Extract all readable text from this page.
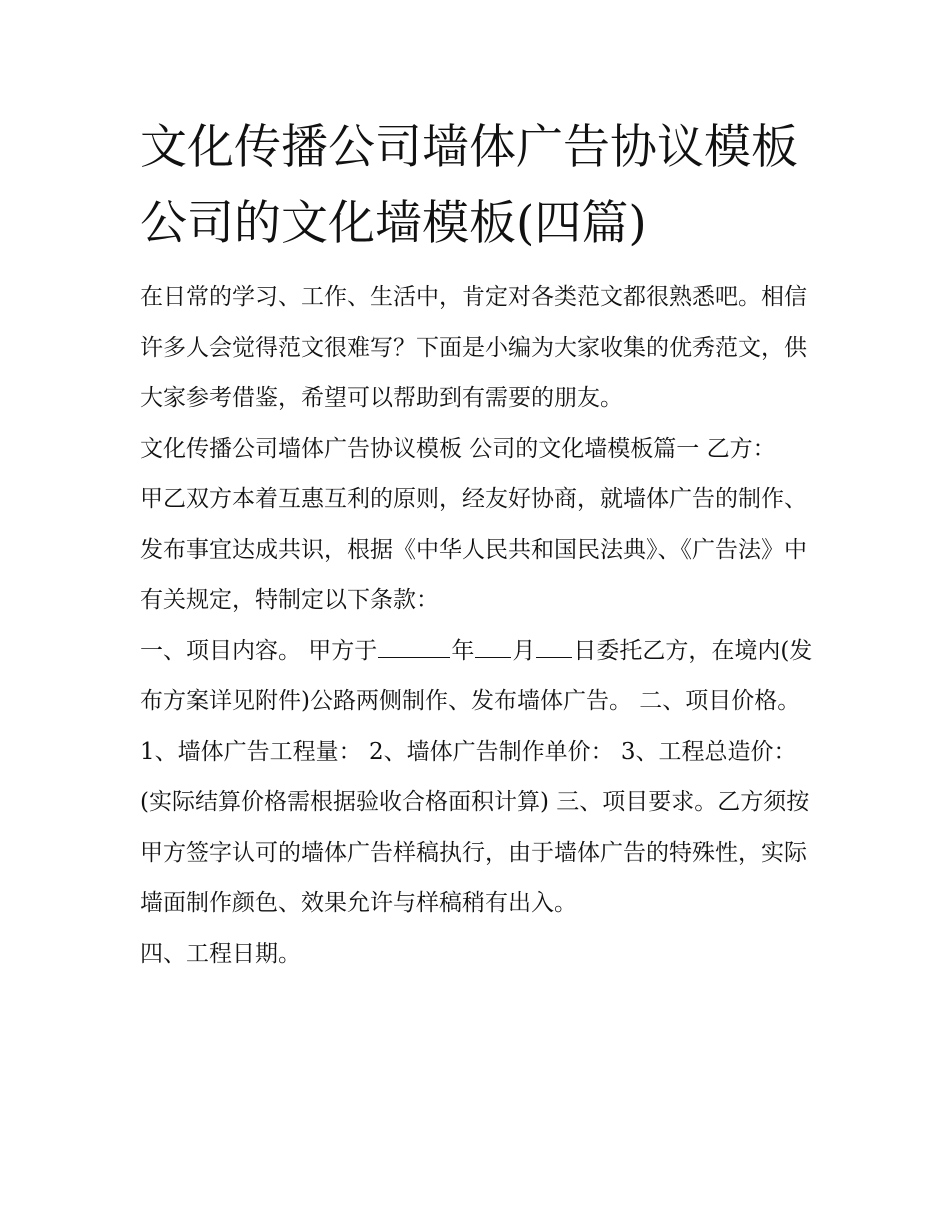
文化传播公司墙体广告协议模板 公司的文化墙模板(四篇)

在日常的学习、工作、生活中，肯定对各类范文都很熟悉吧。相信许多人会觉得范文很难写？下面是小编为大家收集的优秀范文，供大家参考借鉴，希望可以帮助到有需要的朋友。

文化传播公司墙体广告协议模板 公司的文化墙模板篇一 乙方：

甲乙双方本着互惠互利的原则，经友好协商，就墙体广告的制作、发布事宜达成共识，根据《中华人民共和国民法典》、《广告法》中有关规定，特制定以下条款：

一、项目内容。 甲方于	年 月 日委托乙方，在境内(发布方案详见附件)公路两侧制作、发布墙体广告。 二、项目价格。

1、墙体广告工程量： 2、墙体广告制作单价： 3、工程总造价：(实际结算价格需根据验收合格面积计算) 三、项目要求。乙方须按甲方签字认可的墙体广告样稿执行，由于墙体广告的特殊性，实际墙面制作颜色、效果允许与样稿稍有出入。

四、工程日期。
